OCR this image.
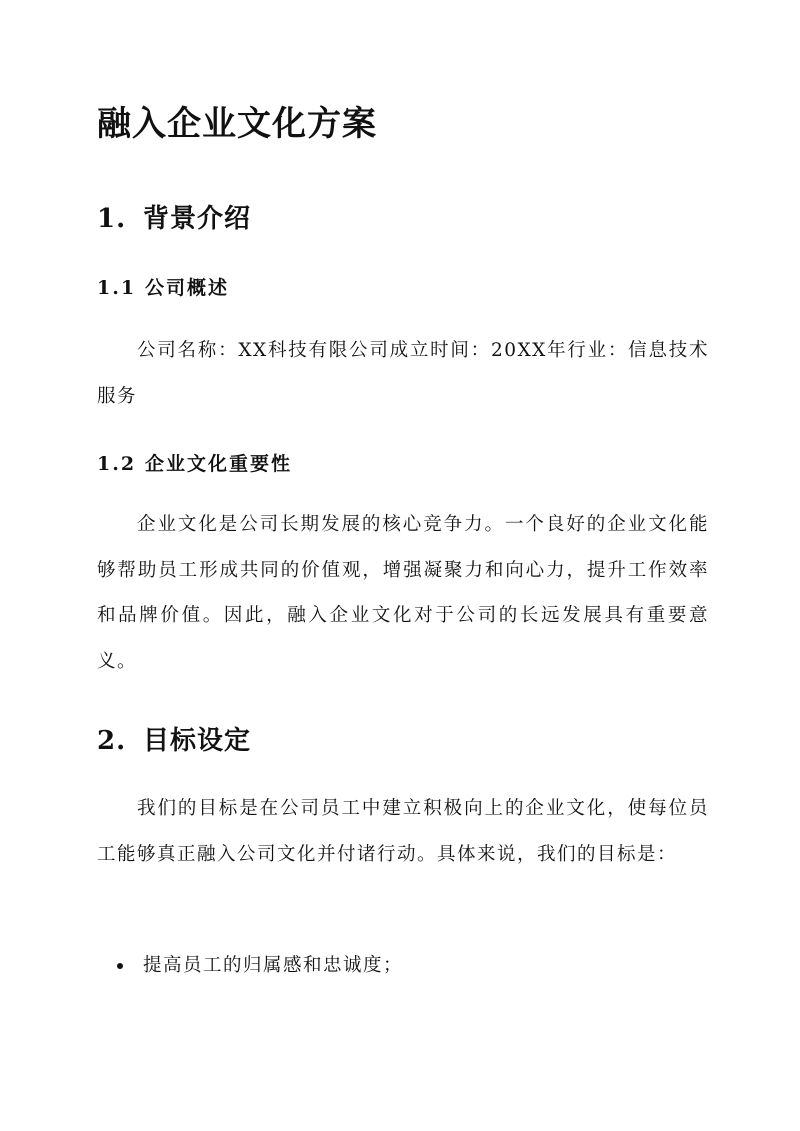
融入企业文化方案
1. 背景介绍
1.1 公司概述

公司名称：XX科技有限公司成立时间：20XX年行业：信息技术服务

1.2 企业文化重要性

企业文化是公司长期发展的核心竞争力。一个良好的企业文化能够帮助员工形成共同的价值观，增强凝聚力和向心力，提升工作效率和品牌价值。因此，融入企业文化对于公司的长远发展具有重要意义。

2. 目标设定

我们的目标是在公司员工中建立积极向上的企业文化，使每位员工能够真正融入公司文化并付诸行动。具体来说，我们的目标是：

提高员工的归属感和忠诚度；
